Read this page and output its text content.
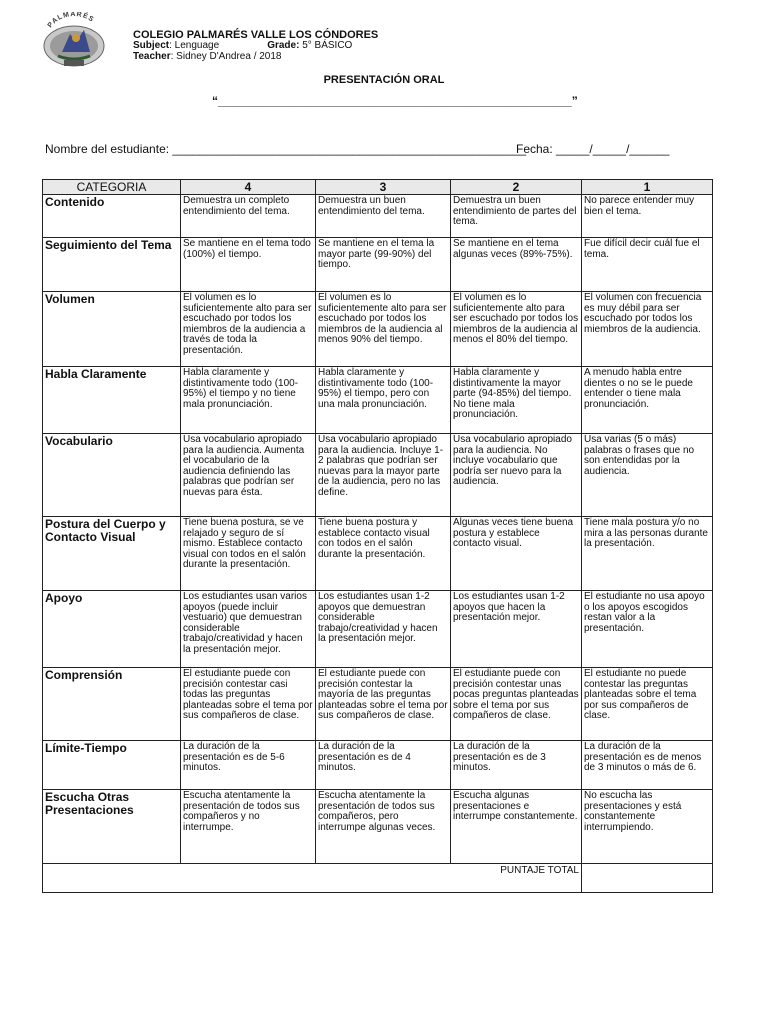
PALMARÉS
COLEGIO PALMARÉS VALLE LOS CÓNDORES
Subject: Lenguage	Grade: 5° BÁSICO
Teacher: Sidney D'Andrea / 2018
PRESENTACIÓN ORAL
“_____________________________________________________”
Nombre del estudiante: _____________________________________________________
Fecha: _____/_____/______
CATEGORIA	4	3	2	1
Contenido	Demuestra un completo entendimiento del tema.	Demuestra un buen entendimiento del tema.	Demuestra un buen entendimiento de partes del tema.	No parece entender muy bien el tema.
Seguimiento del Tema	Se mantiene en el tema todo (100%) el tiempo.	Se mantiene en el tema la mayor parte (99-90%) del tiempo.	Se mantiene en el tema algunas veces (89%-75%).	Fue difícil decir cuál fue el tema.
Volumen	El volumen es lo suficientemente alto para ser escuchado por todos los miembros de la audiencia a través de toda la presentación.	El volumen es lo suficientemente alto para ser escuchado por todos los miembros de la audiencia al menos 90% del tiempo.	El volumen es lo suficientemente alto para ser escuchado por todos los miembros de la audiencia al menos el 80% del tiempo.	El volumen con frecuencia es muy débil para ser escuchado por todos los miembros de la audiencia.
Habla Claramente	Habla claramente y distintivamente todo (100-95%) el tiempo y no tiene mala pronunciación.	Habla claramente y distintivamente todo (100-95%) el tiempo, pero con una mala pronunciación.	Habla claramente y distintivamente la mayor parte (94-85%) del tiempo. No tiene mala pronunciación.	A menudo habla entre dientes o no se le puede entender o tiene mala pronunciación.
Vocabulario	Usa vocabulario apropiado para la audiencia. Aumenta el vocabulario de la audiencia definiendo las palabras que podrían ser nuevas para ésta.	Usa vocabulario apropiado para la audiencia. Incluye 1-2 palabras que podrían ser nuevas para la mayor parte de la audiencia, pero no las define.	Usa vocabulario apropiado para la audiencia. No incluye vocabulario que podría ser nuevo para la audiencia.	Usa varias (5 o más) palabras o frases que no son entendidas por la audiencia.
Postura del Cuerpo y Contacto Visual	Tiene buena postura, se ve relajado y seguro de sí mismo. Establece contacto visual con todos en el salón durante la presentación.	Tiene buena postura y establece contacto visual con todos en el salón durante la presentación.	Algunas veces tiene buena postura y establece contacto visual.	Tiene mala postura y/o no mira a las personas durante la presentación.
Apoyo	Los estudiantes usan varios apoyos (puede incluir vestuario) que demuestran considerable trabajo/creatividad y hacen la presentación mejor.	Los estudiantes usan 1-2 apoyos que demuestran considerable trabajo/creatividad y hacen la presentación mejor.	Los estudiantes usan 1-2 apoyos que hacen la presentación mejor.	El estudiante no usa apoyo o los apoyos escogidos restan valor a la presentación.
Comprensión	El estudiante puede con precisión contestar casi todas las preguntas planteadas sobre el tema por sus compañeros de clase.	El estudiante puede con precisión contestar la mayoría de las preguntas planteadas sobre el tema por sus compañeros de clase.	El estudiante puede con precisión contestar unas pocas preguntas planteadas sobre el tema por sus compañeros de clase.	El estudiante no puede contestar las preguntas planteadas sobre el tema por sus compañeros de clase.
Límite-Tiempo	La duración de la presentación es de 5-6 minutos.	La duración de la presentación es de 4 minutos.	La duración de la presentación es de 3 minutos.	La duración de la presentación es de menos de 3 minutos o más de 6.
Escucha Otras Presentaciones	Escucha atentamente la presentación de todos sus compañeros y no interrumpe.	Escucha atentamente la presentación de todos sus compañeros, pero interrumpe algunas veces.	Escucha algunas presentaciones e interrumpe constantemente.	No escucha las presentaciones y está constantemente interrumpiendo.
PUNTAJE TOTAL				
